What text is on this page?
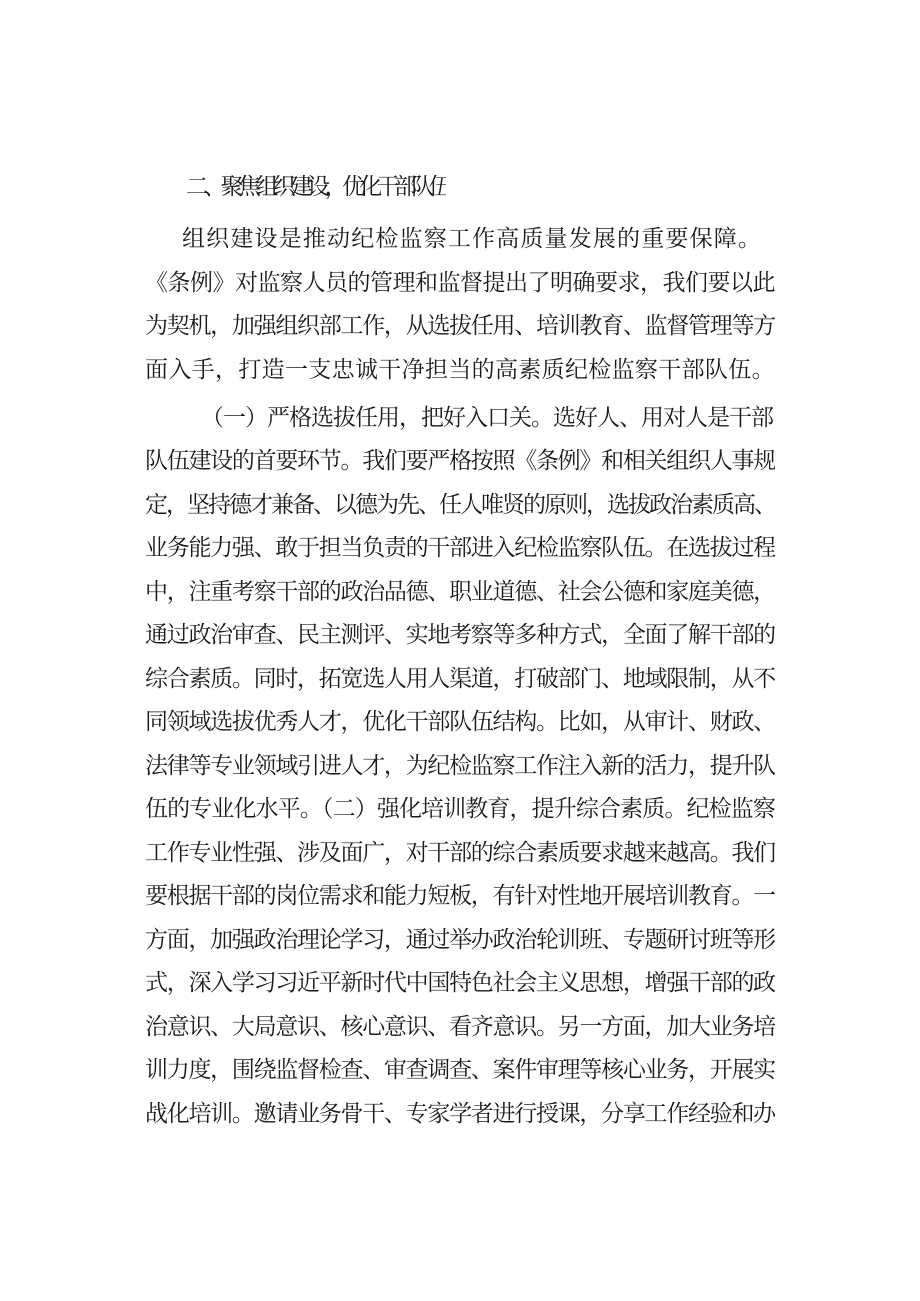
二、聚焦组织建设，优化干部队伍
组织建设是推动纪检监察工作高质量发展的重要保障。
《条例》对监察人员的管理和监督提出了明确要求，我们要以此
为契机，加强组织部工作，从选拔任用、培训教育、监督管理等方
面入手，打造一支忠诚干净担当的高素质纪检监察干部队伍。
（一）严格选拔任用，把好入口关。选好人、用对人是干部
队伍建设的首要环节。我们要严格按照《条例》和相关组织人事规
定，坚持德才兼备、以德为先、任人唯贤的原则，选拔政治素质高、
业务能力强、敢于担当负责的干部进入纪检监察队伍。在选拔过程
中，注重考察干部的政治品德、职业道德、社会公德和家庭美德，
通过政治审查、民主测评、实地考察等多种方式，全面了解干部的
综合素质。同时，拓宽选人用人渠道，打破部门、地域限制，从不
同领域选拔优秀人才，优化干部队伍结构。比如，从审计、财政、
法律等专业领域引进人才，为纪检监察工作注入新的活力，提升队
伍的专业化水平。（二）强化培训教育，提升综合素质。纪检监察
工作专业性强、涉及面广，对干部的综合素质要求越来越高。我们
要根据干部的岗位需求和能力短板，有针对性地开展培训教育。一
方面，加强政治理论学习，通过举办政治轮训班、专题研讨班等形
式，深入学习习近平新时代中国特色社会主义思想，增强干部的政
治意识、大局意识、核心意识、看齐意识。另一方面，加大业务培
训力度，围绕监督检查、审查调查、案件审理等核心业务，开展实
战化培训。邀请业务骨干、专家学者进行授课，分享工作经验和办
